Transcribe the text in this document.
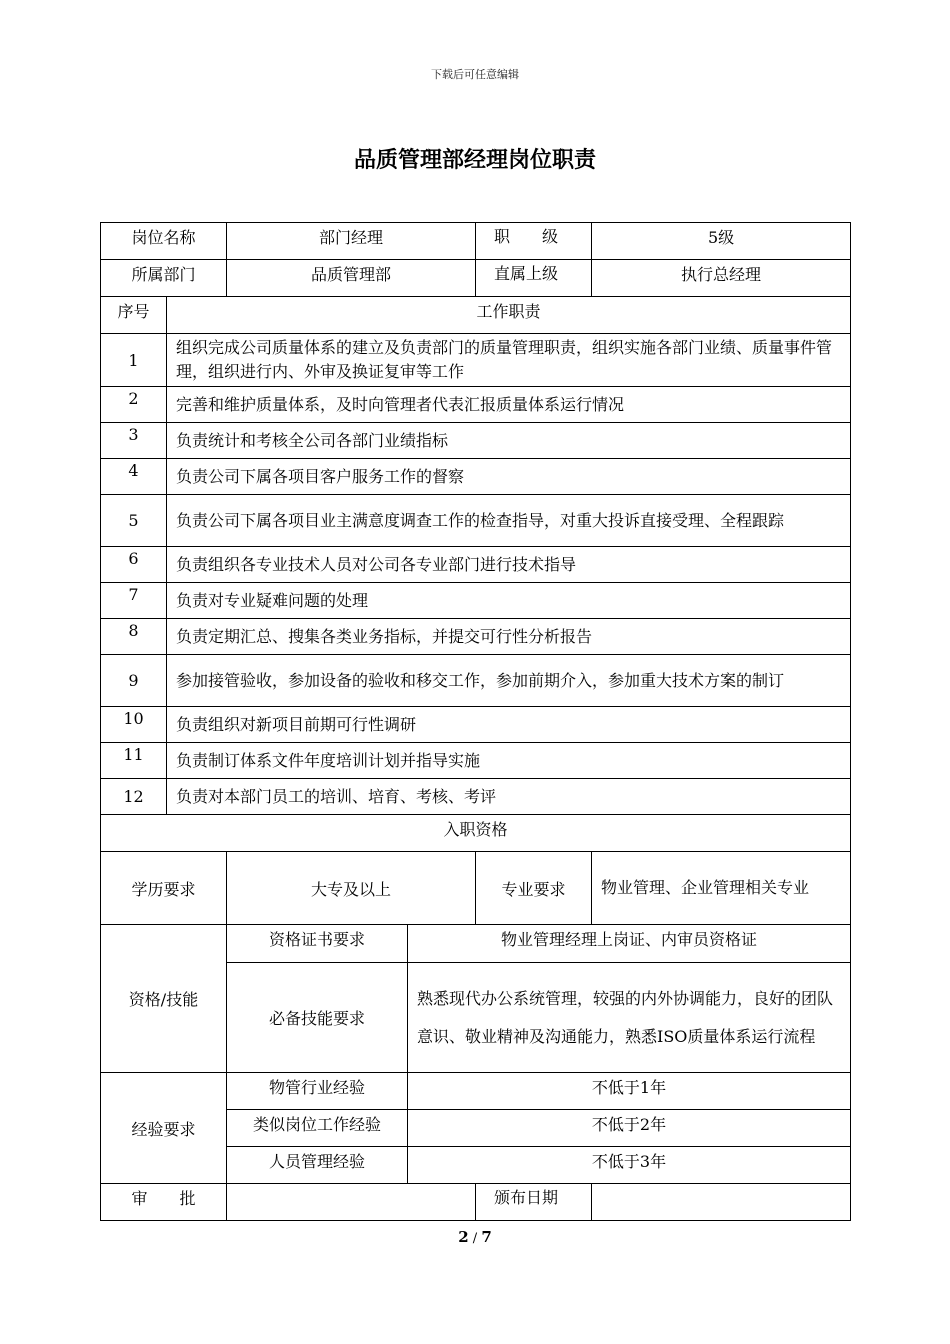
下载后可任意编辑
品质管理部经理岗位职责
岗位名称		部门经理		职　　级	5级
所属部门		品质管理部		直属上级	执行总经理
序号	工作职责				
1	组织完成公司质量体系的建立及负责部门的质量管理职责，组织实施各部门业绩、质量事件管理，组织进行内、外审及换证复审等工作				
2	完善和维护质量体系，及时向管理者代表汇报质量体系运行情况				
3	负责统计和考核全公司各部门业绩指标				
4	负责公司下属各项目客户服务工作的督察				
5	负责公司下属各项目业主满意度调查工作的检查指导，对重大投诉直接受理、全程跟踪				
6	负责组织各专业技术人员对公司各专业部门进行技术指导				
7	负责对专业疑难问题的处理				
8	负责定期汇总、搜集各类业务指标，并提交可行性分析报告				
9	参加接管验收，参加设备的验收和移交工作，参加前期介入，参加重大技术方案的制订				
10	负责组织对新项目前期可行性调研				
11	负责制订体系文件年度培训计划并指导实施				
12	负责对本部门员工的培训、培育、考核、考评				
入职资格					
学历要求		大专及以上		专业要求	物业管理、企业管理相关专业
资格/技能		资格证书要求	物业管理经理上岗证、内审员资格证		
		必备技能要求	熟悉现代办公系统管理，较强的内外协调能力，良好的团队意识、敬业精神及沟通能力，熟悉ISO质量体系运行流程		
经验要求		物管行业经验	不低于1年		
		类似岗位工作经验	不低于2年		
		人员管理经验	不低于3年		
审　　批				颁布日期	
2 / 7
